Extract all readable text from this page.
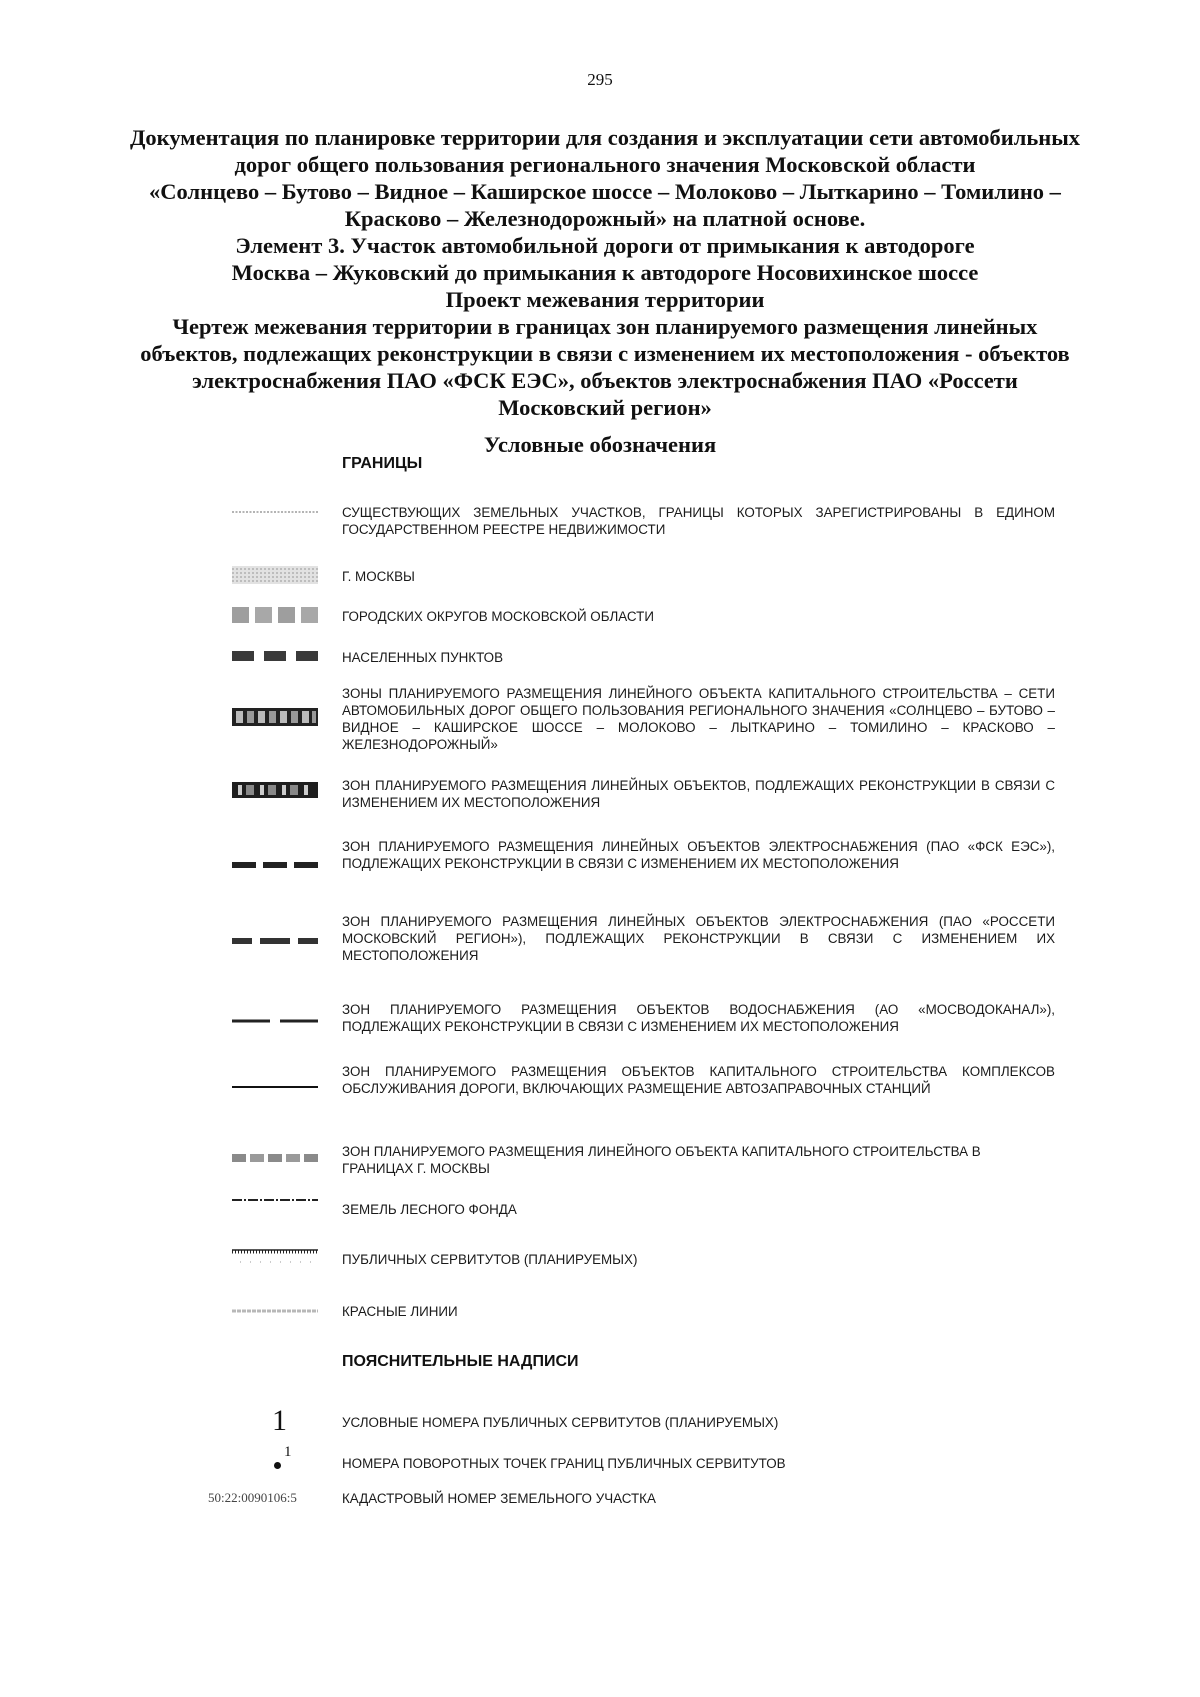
295
Документация по планировке территории для создания и эксплуатации сети автомобильных
дорог общего пользования регионального значения Московской области
«Солнцево – Бутово – Видное – Каширское шоссе – Молоково – Лыткарино – Томилино –
Красково – Железнодорожный» на платной основе.
Элемент 3. Участок автомобильной дороги от примыкания к автодороге
Москва – Жуковский до примыкания к автодороге Носовихинское шоссе
Проект межевания территории
Чертеж межевания территории в границах зон планируемого размещения линейных
объектов, подлежащих реконструкции в связи с изменением их местоположения - объектов
электроснабжения ПАО «ФСК ЕЭС», объектов электроснабжения ПАО «Россети
Московский регион»
Условные обозначения
ГРАНИЦЫ
СУЩЕСТВУЮЩИХ ЗЕМЕЛЬНЫХ УЧАСТКОВ, ГРАНИЦЫ КОТОРЫХ ЗАРЕГИСТРИРОВАНЫ В ЕДИНОМ ГОСУДАРСТВЕННОМ РЕЕСТРЕ НЕДВИЖИМОСТИ
Г. МОСКВЫ
ГОРОДСКИХ ОКРУГОВ МОСКОВСКОЙ ОБЛАСТИ
НАСЕЛЕННЫХ ПУНКТОВ
ЗОНЫ ПЛАНИРУЕМОГО РАЗМЕЩЕНИЯ ЛИНЕЙНОГО ОБЪЕКТА КАПИТАЛЬНОГО СТРОИТЕЛЬСТВА – СЕТИ АВТОМОБИЛЬНЫХ ДОРОГ ОБЩЕГО ПОЛЬЗОВАНИЯ РЕГИОНАЛЬНОГО ЗНАЧЕНИЯ «СОЛНЦЕВО – БУТОВО – ВИДНОЕ – КАШИРСКОЕ ШОССЕ – МОЛОКОВО – ЛЫТКАРИНО – ТОМИЛИНО – КРАСКОВО – ЖЕЛЕЗНОДОРОЖНЫЙ»
ЗОН ПЛАНИРУЕМОГО РАЗМЕЩЕНИЯ ЛИНЕЙНЫХ ОБЪЕКТОВ, ПОДЛЕЖАЩИХ РЕКОНСТРУКЦИИ В СВЯЗИ С ИЗМЕНЕНИЕМ ИХ МЕСТОПОЛОЖЕНИЯ
ЗОН ПЛАНИРУЕМОГО РАЗМЕЩЕНИЯ ЛИНЕЙНЫХ ОБЪЕКТОВ ЭЛЕКТРОСНАБЖЕНИЯ (ПАО «ФСК ЕЭС»), ПОДЛЕЖАЩИХ РЕКОНСТРУКЦИИ В СВЯЗИ С ИЗМЕНЕНИЕМ ИХ МЕСТОПОЛОЖЕНИЯ
ЗОН ПЛАНИРУЕМОГО РАЗМЕЩЕНИЯ ЛИНЕЙНЫХ ОБЪЕКТОВ ЭЛЕКТРОСНАБЖЕНИЯ (ПАО «РОССЕТИ МОСКОВСКИЙ РЕГИОН»), ПОДЛЕЖАЩИХ РЕКОНСТРУКЦИИ В СВЯЗИ С ИЗМЕНЕНИЕМ ИХ МЕСТОПОЛОЖЕНИЯ
ЗОН ПЛАНИРУЕМОГО РАЗМЕЩЕНИЯ ОБЪЕКТОВ ВОДОСНАБЖЕНИЯ (АО «МОСВОДОКАНАЛ»), ПОДЛЕЖАЩИХ РЕКОНСТРУКЦИИ В СВЯЗИ С ИЗМЕНЕНИЕМ ИХ МЕСТОПОЛОЖЕНИЯ
ЗОН ПЛАНИРУЕМОГО РАЗМЕЩЕНИЯ ОБЪЕКТОВ КАПИТАЛЬНОГО СТРОИТЕЛЬСТВА КОМПЛЕКСОВ ОБСЛУЖИВАНИЯ ДОРОГИ, ВКЛЮЧАЮЩИХ РАЗМЕЩЕНИЕ АВТОЗАПРАВОЧНЫХ СТАНЦИЙ
ЗОН ПЛАНИРУЕМОГО РАЗМЕЩЕНИЯ ЛИНЕЙНОГО ОБЪЕКТА КАПИТАЛЬНОГО СТРОИТЕЛЬСТВА В ГРАНИЦАХ Г. МОСКВЫ
ЗЕМЕЛЬ ЛЕСНОГО ФОНДА
ПУБЛИЧНЫХ СЕРВИТУТОВ (ПЛАНИРУЕМЫХ)
КРАСНЫЕ ЛИНИИ
ПОЯСНИТЕЛЬНЫЕ НАДПИСИ
1	УСЛОВНЫЕ НОМЕРА ПУБЛИЧНЫХ СЕРВИТУТОВ (ПЛАНИРУЕМЫХ)
1
НОМЕРА ПОВОРОТНЫХ ТОЧЕК ГРАНИЦ ПУБЛИЧНЫХ СЕРВИТУТОВ
50:22:0090106:5	КАДАСТРОВЫЙ НОМЕР ЗЕМЕЛЬНОГО УЧАСТКА
